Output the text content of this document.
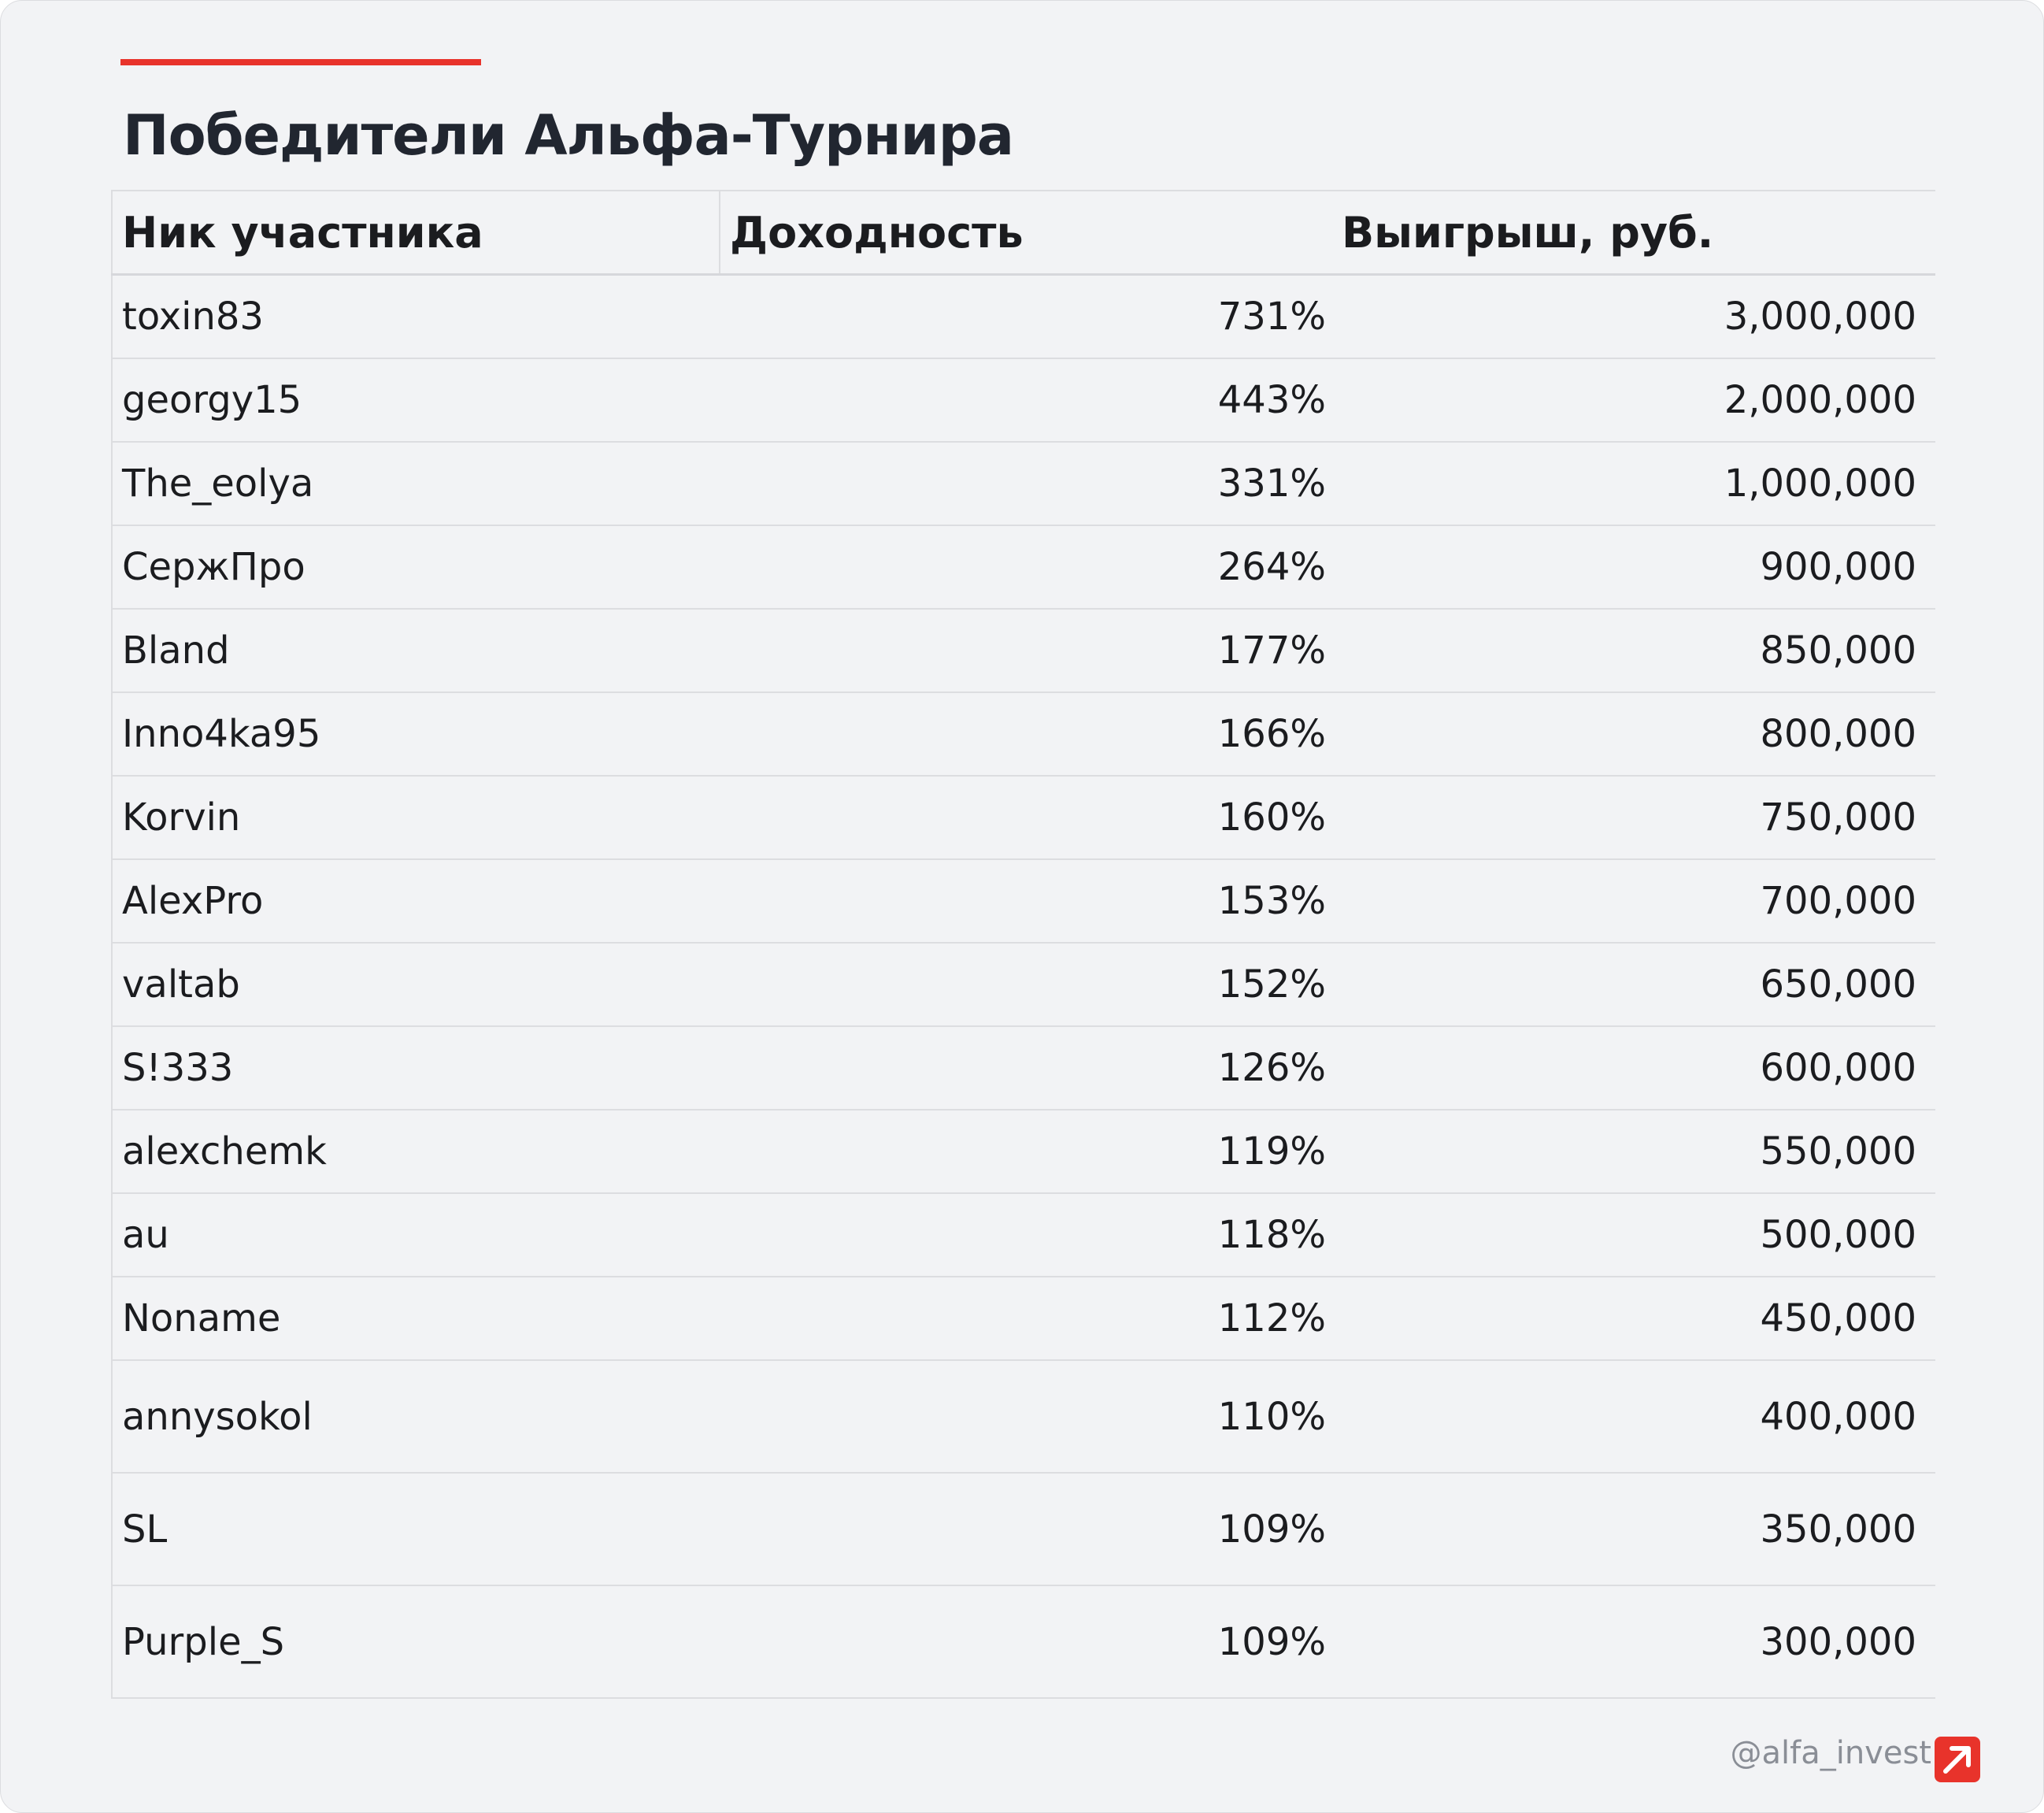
Победители Альфа-Турнира
Ник участника	Доходность	Выигрыш, руб.
toxin83	731%	3,000,000
georgy15	443%	2,000,000
The_eolya	331%	1,000,000
СержПро	264%	900,000
Bland	177%	850,000
Inno4ka95	166%	800,000
Korvin	160%	750,000
AlexPro	153%	700,000
valtab	152%	650,000
S!333	126%	600,000
alexchemk	119%	550,000
au	118%	500,000
Noname	112%	450,000
annysokol	110%	400,000
SL	109%	350,000
Purple_S	109%	300,000
@alfa_invest
